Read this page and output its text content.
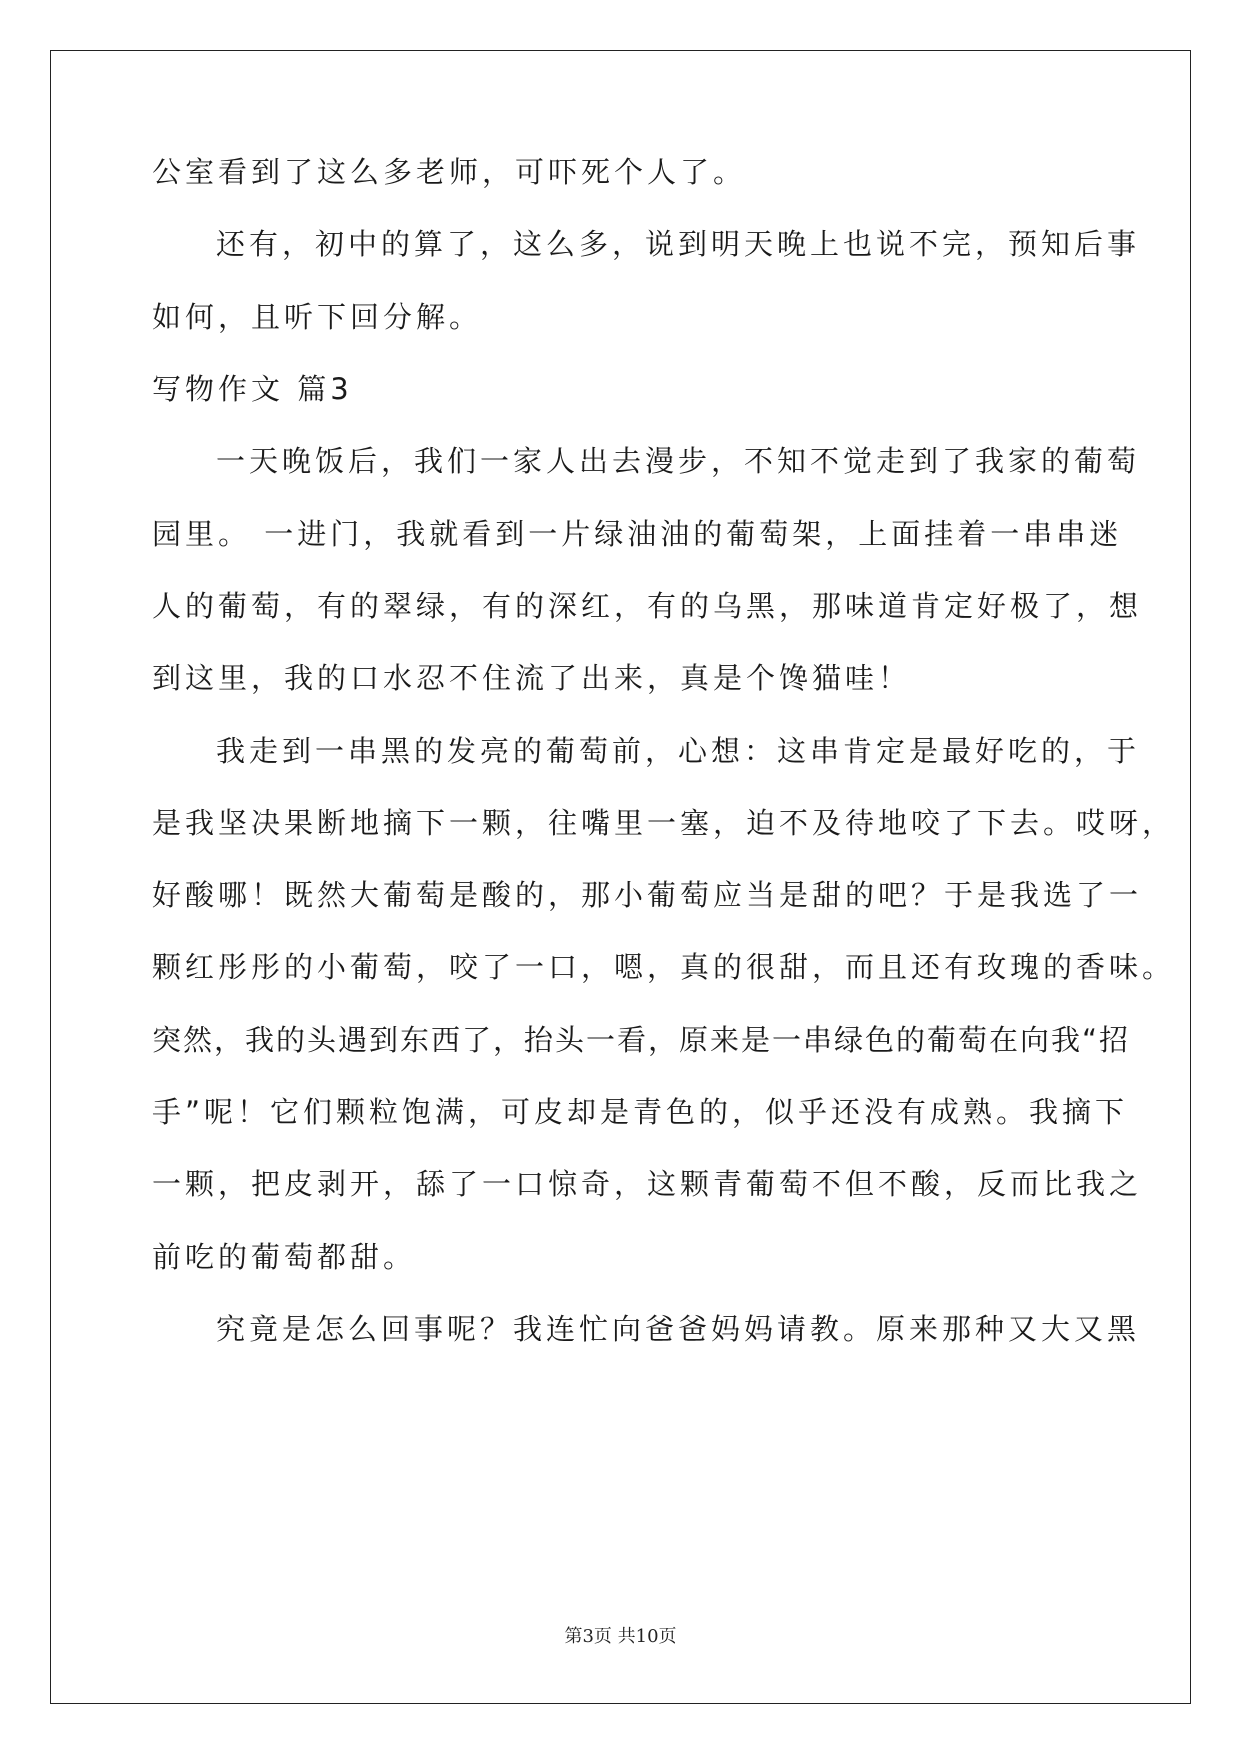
公室看到了这么多老师，可吓死个人了。
还有，初中的算了，这么多，说到明天晚上也说不完，预知后事
如何，且听下回分解。
写物作文 篇3
一天晚饭后，我们一家人出去漫步，不知不觉走到了我家的葡萄
园里。 一进门，我就看到一片绿油油的葡萄架，上面挂着一串串迷
人的葡萄，有的翠绿，有的深红，有的乌黑，那味道肯定好极了，想
到这里，我的口水忍不住流了出来，真是个馋猫哇！
我走到一串黑的发亮的葡萄前，心想：这串肯定是最好吃的，于
是我坚决果断地摘下一颗，往嘴里一塞，迫不及待地咬了下去。哎呀，
好酸哪！既然大葡萄是酸的，那小葡萄应当是甜的吧？于是我选了一
颗红彤彤的小葡萄，咬了一口，嗯，真的很甜，而且还有玫瑰的香味。
突然，我的头遇到东西了，抬头一看，原来是一串绿色的葡萄在向我“招
手”呢！它们颗粒饱满，可皮却是青色的，似乎还没有成熟。我摘下
一颗，把皮剥开，舔了一口惊奇，这颗青葡萄不但不酸，反而比我之
前吃的葡萄都甜。
究竟是怎么回事呢？我连忙向爸爸妈妈请教。原来那种又大又黑
第3页 共10页
